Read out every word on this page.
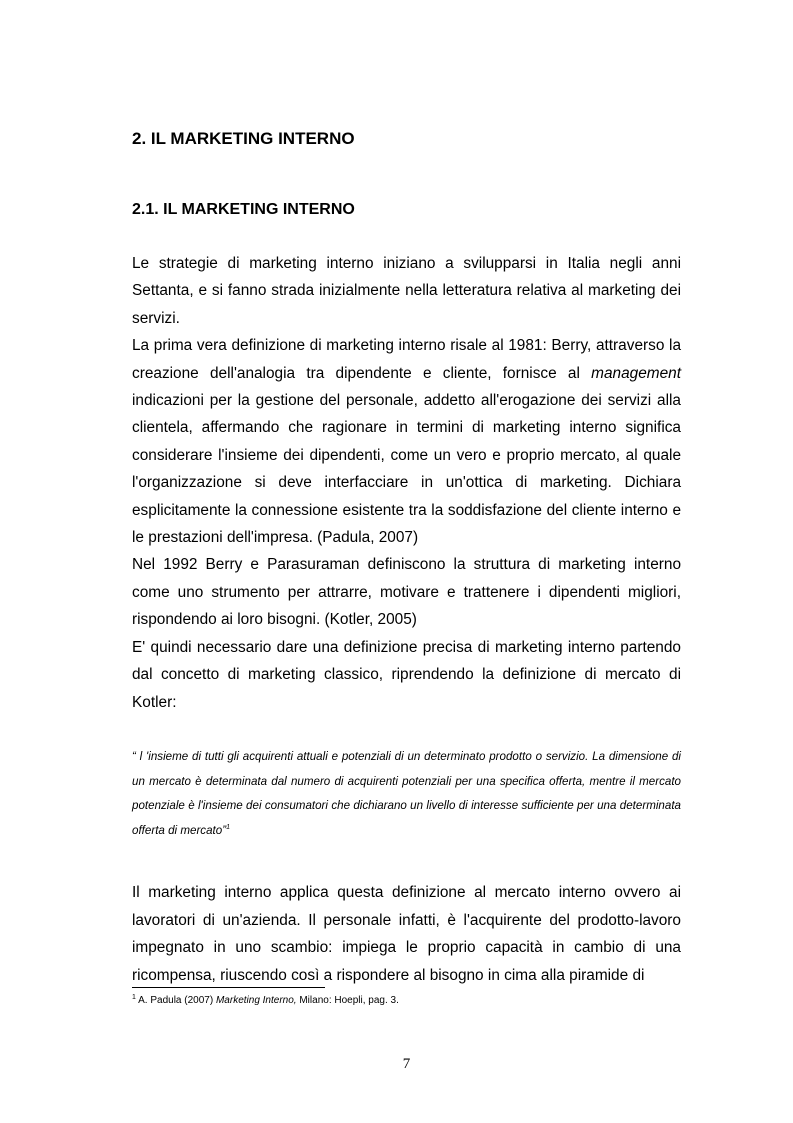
2. IL MARKETING INTERNO
2.1. IL MARKETING INTERNO

Le strategie di marketing interno iniziano a svilupparsi in Italia negli anni Settanta, e si fanno strada inizialmente nella letteratura relativa al marketing dei servizi.

La prima vera definizione di marketing interno risale al 1981: Berry, attraverso la creazione dell'analogia tra dipendente e cliente, fornisce al management indicazioni per la gestione del personale, addetto all'erogazione dei servizi alla clientela, affermando che ragionare in termini di marketing interno significa considerare l'insieme dei dipendenti, come un vero e proprio mercato, al quale l'organizzazione si deve interfacciare in un'ottica di marketing. Dichiara esplicitamente la connessione esistente tra la soddisfazione del cliente interno e le prestazioni dell'impresa. (Padula, 2007)

Nel 1992 Berry e Parasuraman definiscono la struttura di marketing interno come uno strumento per attrarre, motivare e trattenere i dipendenti migliori, rispondendo ai loro bisogni. (Kotler, 2005)

E' quindi necessario dare una definizione precisa di marketing interno partendo dal concetto di marketing classico, riprendendo la definizione di mercato di Kotler:

“ l 'insieme di tutti gli acquirenti attuali e potenziali di un determinato prodotto o servizio. La dimensione di un mercato è determinata dal numero di acquirenti potenziali per una specifica offerta, mentre il mercato potenziale è l'insieme dei consumatori che dichiarano un livello di interesse sufficiente per una determinata offerta di mercato”$^1$

Il marketing interno applica questa definizione al mercato interno ovvero ai lavoratori di un'azienda. Il personale infatti, è l'acquirente del prodotto-lavoro impegnato in uno scambio: impiega le proprio capacità in cambio di una ricompensa, riuscendo così a rispondere al bisogno in cima alla piramide di

$^1$ A. Padula (2007) Marketing Interno, Milano: Hoepli, pag. 3.
7
